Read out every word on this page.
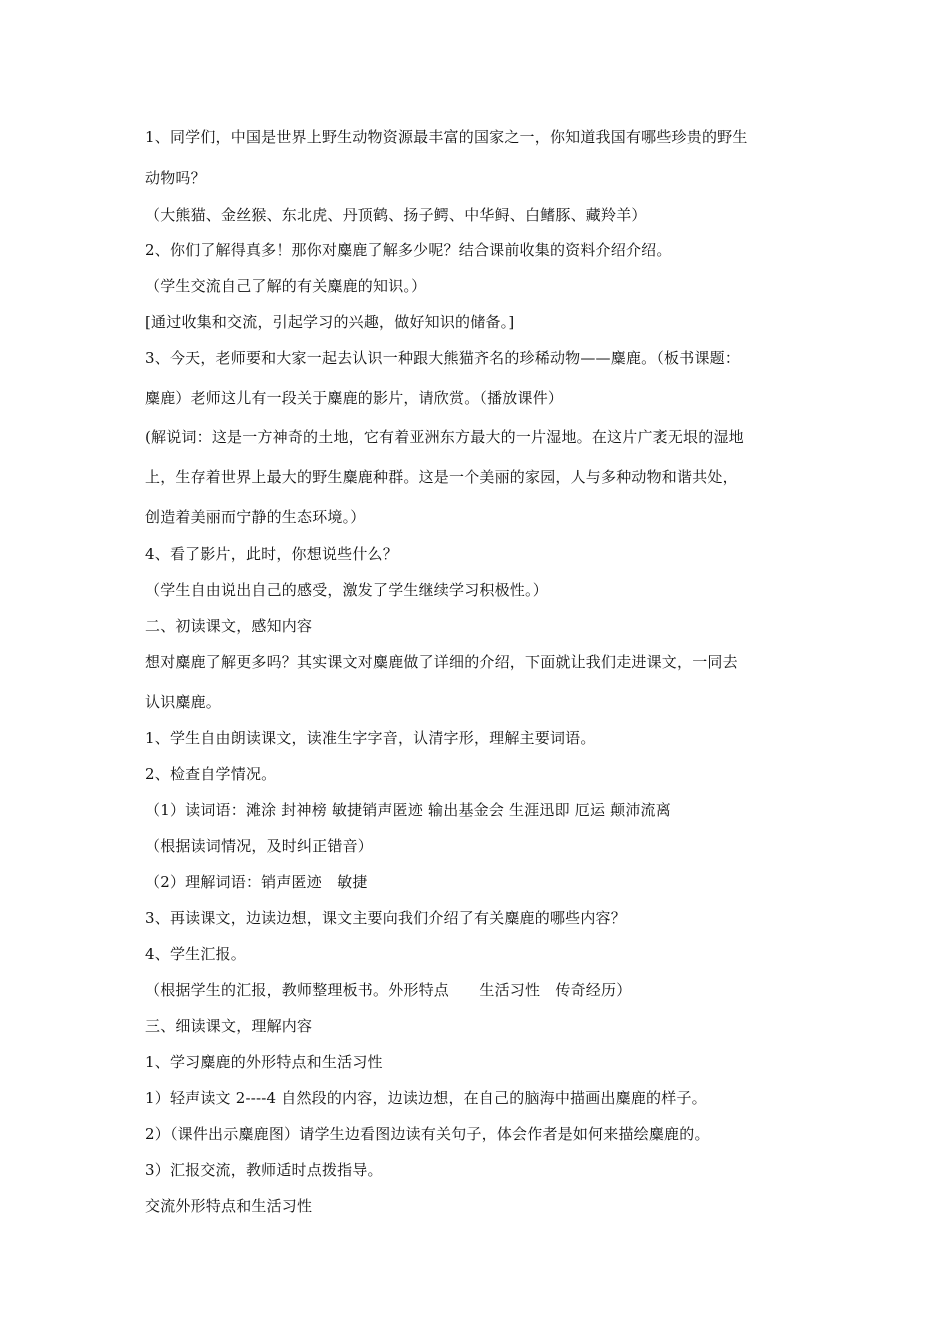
1、同学们，中国是世界上野生动物资源最丰富的国家之一，你知道我国有哪些珍贵的野生
动物吗？
（大熊猫、金丝猴、东北虎、丹顶鹤、扬子鳄、中华鲟、白鳍豚、藏羚羊）
2、你们了解得真多！那你对麋鹿了解多少呢？结合课前收集的资料介绍介绍。
（学生交流自己了解的有关麋鹿的知识。）
[通过收集和交流，引起学习的兴趣，做好知识的储备。]
3、今天，老师要和大家一起去认识一种跟大熊猫齐名的珍稀动物——麋鹿。（板书课题：
麋鹿）老师这儿有一段关于麋鹿的影片，请欣赏。（播放课件）
(解说词：这是一方神奇的土地，它有着亚洲东方最大的一片湿地。在这片广袤无垠的湿地
上，生存着世界上最大的野生麋鹿种群。这是一个美丽的家园，人与多种动物和谐共处，
创造着美丽而宁静的生态环境。）
4、看了影片，此时，你想说些什么？
（学生自由说出自己的感受，激发了学生继续学习积极性。）
二、初读课文，感知内容
想对麋鹿了解更多吗？其实课文对麋鹿做了详细的介绍，下面就让我们走进课文，一同去
认识麋鹿。
1、学生自由朗读课文，读准生字字音，认清字形，理解主要词语。
2、检查自学情况。
（1）读词语：滩涂 封神榜 敏捷销声匿迹 输出基金会 生涯迅即 厄运 颠沛流离
（根据读词情况，及时纠正错音）
（2）理解词语：销声匿迹　敏捷
3、再读课文，边读边想，课文主要向我们介绍了有关麋鹿的哪些内容？
4、学生汇报。
（根据学生的汇报，教师整理板书。外形特点　　生活习性　传奇经历）
三、细读课文，理解内容
1、学习麋鹿的外形特点和生活习性
1）轻声读文 2----4 自然段的内容，边读边想，在自己的脑海中描画出麋鹿的样子。
2）（课件出示麋鹿图）请学生边看图边读有关句子，体会作者是如何来描绘麋鹿的。
3）汇报交流，教师适时点拨指导。
交流外形特点和生活习性
